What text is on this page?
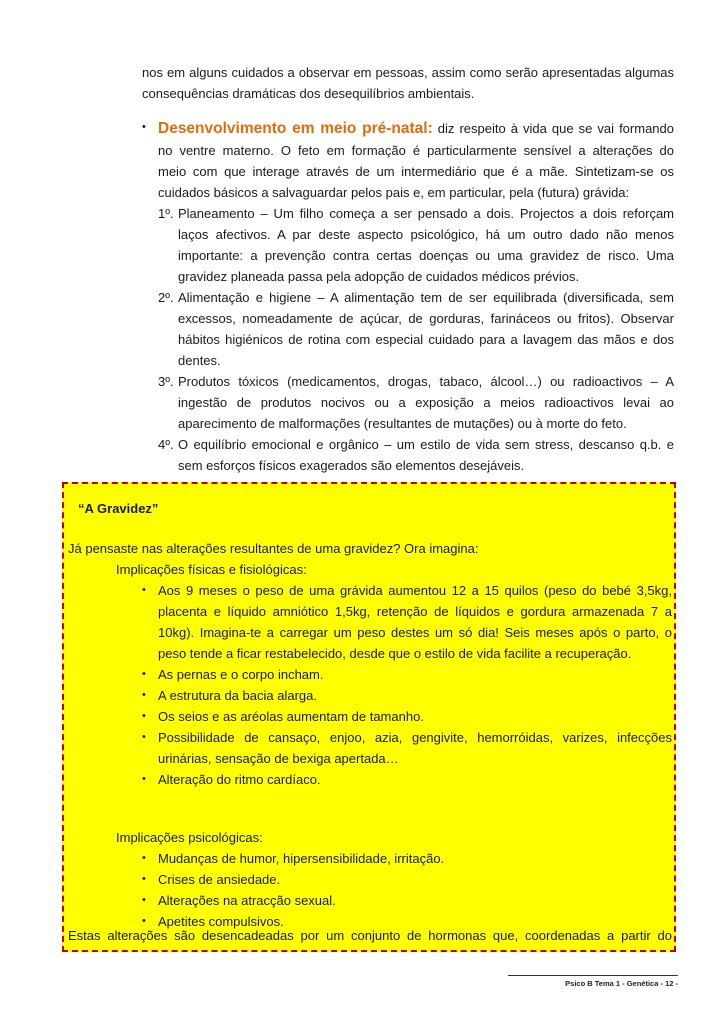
nos em alguns cuidados a observar em pessoas, assim como serão apresentadas algumas

consequências dramáticas dos desequilíbrios ambientais.

• Desenvolvimento em meio pré-natal: diz respeito à vida que se vai formando

no ventre materno. O feto em formação é particularmente sensível a alterações do

meio com que interage através de um intermediário que é a mãe. Sintetizam-se os

cuidados básicos a salvaguardar pelos pais e, em particular, pela (futura) grávida:

1º. Planeamento – Um filho começa a ser pensado a dois. Projectos a dois reforçam

laços afectivos. A par deste aspecto psicológico, há um outro dado não menos

importante: a prevenção contra certas doenças ou uma gravidez de risco. Uma

gravidez planeada passa pela adopção de cuidados médicos prévios.

2º. Alimentação e higiene – A alimentação tem de ser equilibrada (diversificada, sem

excessos, nomeadamente de açúcar, de gorduras, farináceos ou fritos). Observar

hábitos higiénicos de rotina com especial cuidado para a lavagem das mãos e dos

dentes.

3º. Produtos tóxicos (medicamentos, drogas, tabaco, álcool…) ou radioactivos – A

ingestão de produtos nocivos ou a exposição a meios radioactivos levai ao

aparecimento de malformações (resultantes de mutações) ou à morte do feto.

4º. O equilíbrio emocional e orgânico – um estilo de vida sem stress, descanso q.b. e

sem esforços físicos exagerados são elementos desejáveis.

“A Gravidez”
Já pensaste nas alterações resultantes de uma gravidez? Ora imagina:
Implicações físicas e fisiológicas:
• Aos 9 meses o peso de uma grávida aumentou 12 a 15 quilos (peso do bebé 3,5kg,

placenta e líquido amniótico 1,5kg, retenção de líquidos e gordura armazenada 7 a

10kg). Imagina-te a carregar um peso destes um só dia! Seis meses após o parto, o

peso tende a ficar restabelecido, desde que o estilo de vida facilite a recuperação.

• As pernas e o corpo incham.

• A estrutura da bacia alarga.

• Os seios e as aréolas aumentam de tamanho.

• Possibilidade de cansaço, enjoo, azia, gengivite, hemorróidas, varizes, infecções

urinárias, sensação de bexiga apertada…

• Alteração do ritmo cardíaco.

Implicações psicológicas:
• Mudanças de humor, hipersensibilidade, irritação.

• Crises de ansiedade.

• Alterações na atracção sexual.

• Apetites compulsivos.

Estas alterações são desencadeadas por um conjunto de hormonas que, coordenadas a partir do
Psico B Tema 1 - Genética - 12 -
